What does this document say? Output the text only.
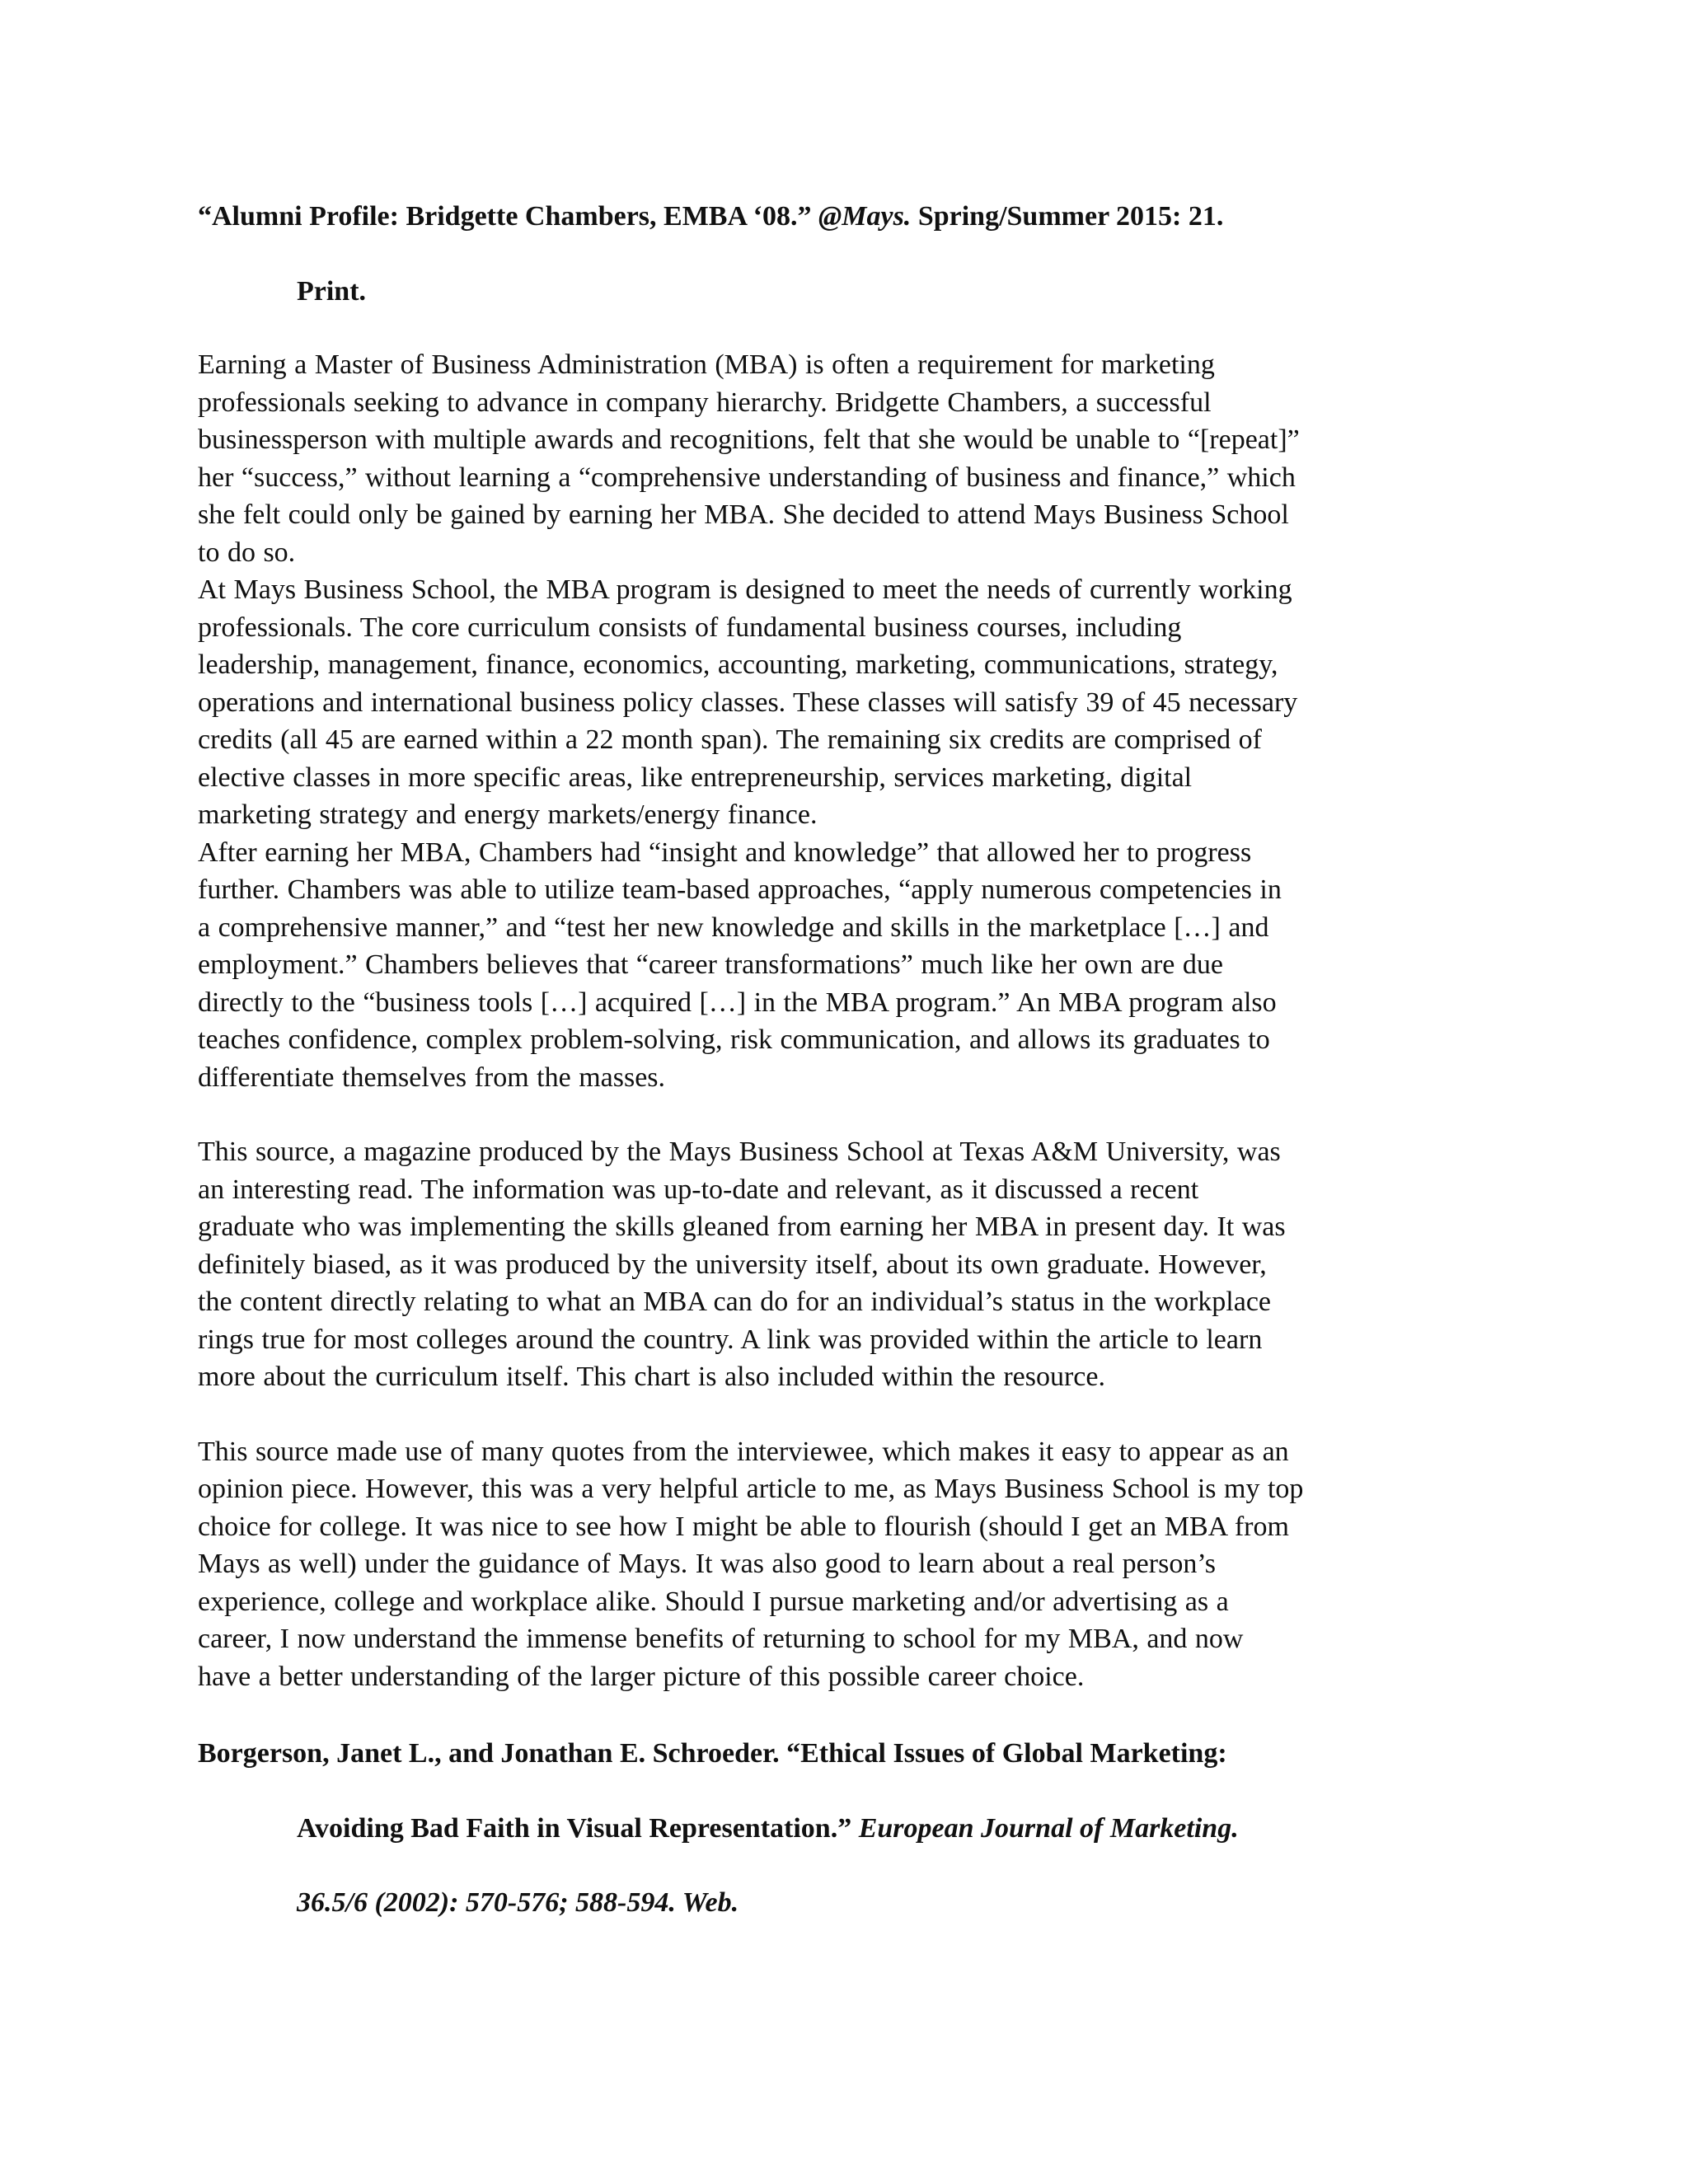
“Alumni Profile: Bridgette Chambers, EMBA ‘08.” @Mays. Spring/Summer 2015: 21.
Print.

Earning a Master of Business Administration (MBA) is often a requirement for marketing
professionals seeking to advance in company hierarchy. Bridgette Chambers, a successful
businessperson with multiple awards and recognitions, felt that she would be unable to “[repeat]”
her “success,” without learning a “comprehensive understanding of business and finance,” which
she felt could only be gained by earning her MBA. She decided to attend Mays Business School
to do so.
At Mays Business School, the MBA program is designed to meet the needs of currently working
professionals. The core curriculum consists of fundamental business courses, including
leadership, management, finance, economics, accounting, marketing, communications, strategy,
operations and international business policy classes. These classes will satisfy 39 of 45 necessary
credits (all 45 are earned within a 22 month span). The remaining six credits are comprised of
elective classes in more specific areas, like entrepreneurship, services marketing, digital
marketing strategy and energy markets/energy finance.
After earning her MBA, Chambers had “insight and knowledge” that allowed her to progress
further. Chambers was able to utilize team-based approaches, “apply numerous competencies in
a comprehensive manner,” and “test her new knowledge and skills in the marketplace […] and
employment.” Chambers believes that “career transformations” much like her own are due
directly to the “business tools […] acquired […] in the MBA program.” An MBA program also
teaches confidence, complex problem-solving, risk communication, and allows its graduates to
differentiate themselves from the masses.

This source, a magazine produced by the Mays Business School at Texas A&M University, was
an interesting read. The information was up-to-date and relevant, as it discussed a recent
graduate who was implementing the skills gleaned from earning her MBA in present day. It was
definitely biased, as it was produced by the university itself, about its own graduate. However,
the content directly relating to what an MBA can do for an individual’s status in the workplace
rings true for most colleges around the country. A link was provided within the article to learn
more about the curriculum itself. This chart is also included within the resource.

This source made use of many quotes from the interviewee, which makes it easy to appear as an
opinion piece. However, this was a very helpful article to me, as Mays Business School is my top
choice for college. It was nice to see how I might be able to flourish (should I get an MBA from
Mays as well) under the guidance of Mays. It was also good to learn about a real person’s
experience, college and workplace alike. Should I pursue marketing and/or advertising as a
career, I now understand the immense benefits of returning to school for my MBA, and now
have a better understanding of the larger picture of this possible career choice.

Borgerson, Janet L., and Jonathan E. Schroeder. “Ethical Issues of Global Marketing:
Avoiding Bad Faith in Visual Representation.” European Journal of Marketing.
36.5/6 (2002): 570-576; 588-594. Web.
